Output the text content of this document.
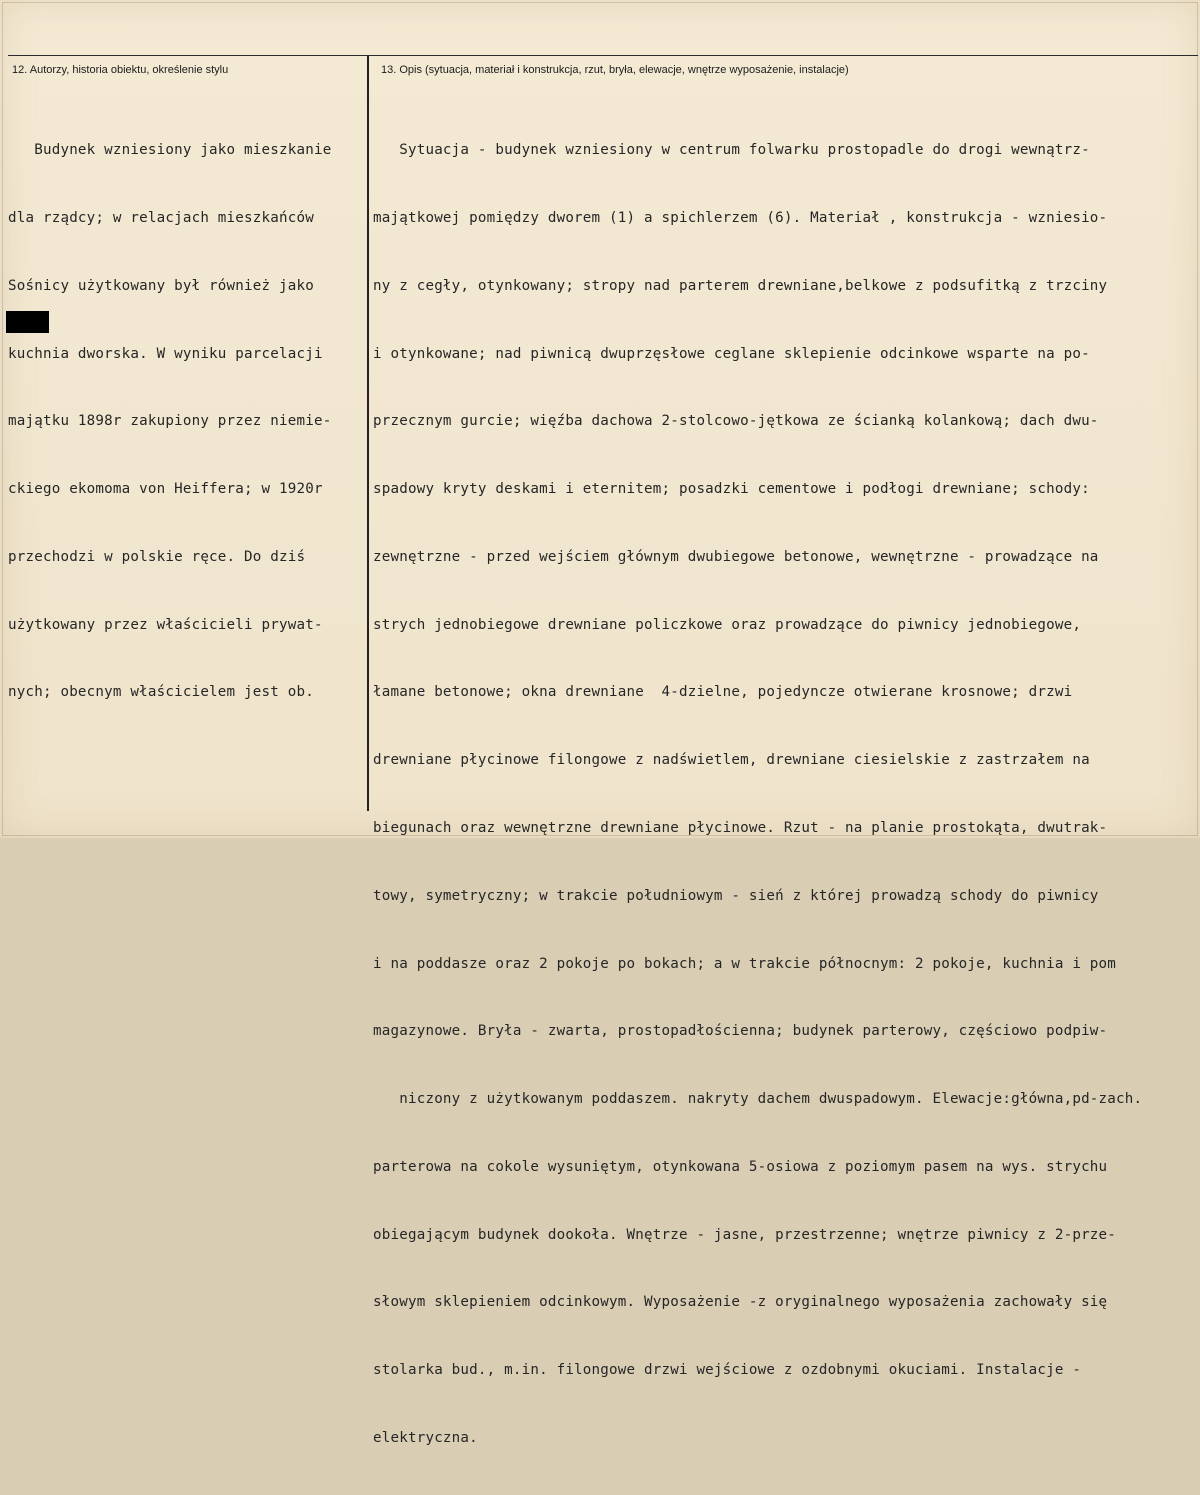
12. Autorzy, historia obiektu, określenie stylu	13. Opis (sytuacja, materiał i konstrukcja, rzut, bryła, elewacje, wnętrze wyposażenie, instalacje)

Budynek wzniesiony jako mieszkanie

dla rządcy; w relacjach mieszkańców

Sośnicy użytkowany był również jako

kuchnia dworska. W wyniku parcelacji

majątku 1898r zakupiony przez niemie-

ckiego ekomoma von Heiffera; w 1920r

przechodzi w polskie ręce. Do dziś

użytkowany przez właścicieli prywat-

nych; obecnym właścicielem jest ob.

Sytuacja - budynek wzniesiony w centrum folwarku prostopadle do drogi wewnątrz-

majątkowej pomiędzy dworem (1) a spichlerzem (6). Materiał , konstrukcja - wzniesio-

ny z cegły, otynkowany; stropy nad parterem drewniane,belkowe z podsufitką z trzciny

i otynkowane; nad piwnicą dwuprzęsłowe ceglane sklepienie odcinkowe wsparte na po-

przecznym gurcie; więźba dachowa 2-stolcowo-jętkowa ze ścianką kolankową; dach dwu-

spadowy kryty deskami i eternitem; posadzki cementowe i podłogi drewniane; schody:

zewnętrzne - przed wejściem głównym dwubiegowe betonowe, wewnętrzne - prowadzące na

strych jednobiegowe drewniane policzkowe oraz prowadzące do piwnicy jednobiegowe,

łamane betonowe; okna drewniane  4-dzielne, pojedyncze otwierane krosnowe; drzwi

drewniane płycinowe filongowe z nadświetlem, drewniane ciesielskie z zastrzałem na

biegunach oraz wewnętrzne drewniane płycinowe. Rzut - na planie prostokąta, dwutrak-

towy, symetryczny; w trakcie południowym - sień z której prowadzą schody do piwnicy

i na poddasze oraz 2 pokoje po bokach; a w trakcie północnym: 2 pokoje, kuchnia i pom

magazynowe. Bryła - zwarta, prostopadłościenna; budynek parterowy, częściowo podpiw-

niczony z użytkowanym poddaszem. nakryty dachem dwuspadowym. Elewacje:główna,pd-zach.

parterowa na cokole wysuniętym, otynkowana 5-osiowa z poziomym pasem na wys. strychu

obiegającym budynek dookoła. Wnętrze - jasne, przestrzenne; wnętrze piwnicy z 2-prze-

słowym sklepieniem odcinkowym. Wyposażenie -z oryginalnego wyposażenia zachowały się

stolarka bud., m.in. filongowe drzwi wejściowe z ozdobnymi okuciami. Instalacje -

elektryczna.
